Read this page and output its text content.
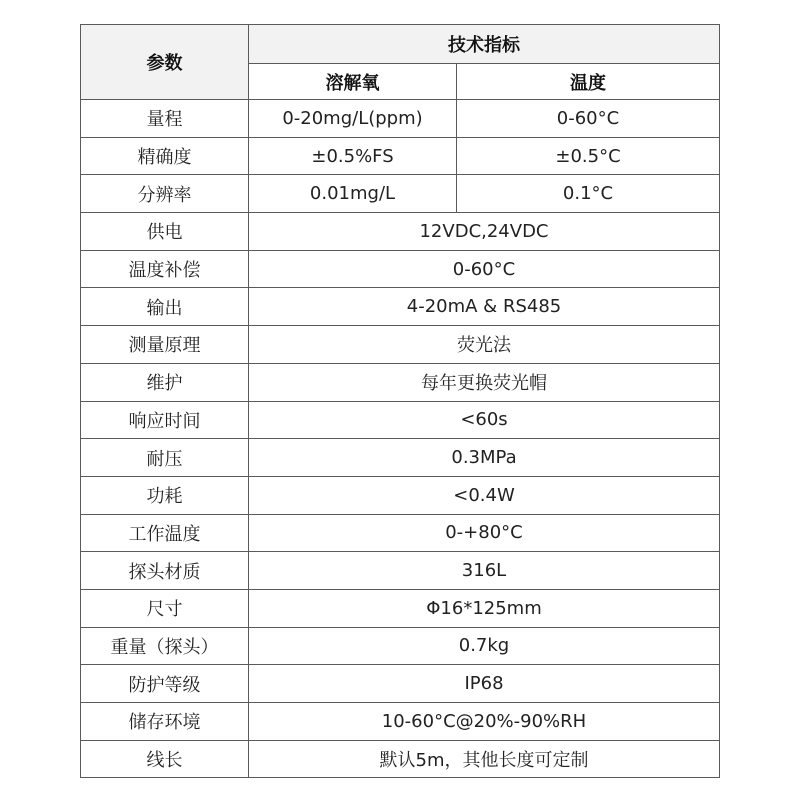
参数	技术指标	
	溶解氧	温度
量程	0-20mg/L(ppm)	0-60°C
精确度	±0.5%FS	±0.5°C
分辨率	0.01mg/L	0.1°C
供电	12VDC,24VDC	
温度补偿	0-60°C	
输出	4-20mA & RS485	
测量原理	荧光法	
维护	每年更换荧光帽	
响应时间	<60s	
耐压	0.3MPa	
功耗	<0.4W	
工作温度	0-+80°C	
探头材质	316L	
尺寸	Φ16*125mm	
重量（探头）	0.7kg	
防护等级	IP68	
储存环境	10-60°C@20%-90%RH	
线长	默认5m，其他长度可定制	
